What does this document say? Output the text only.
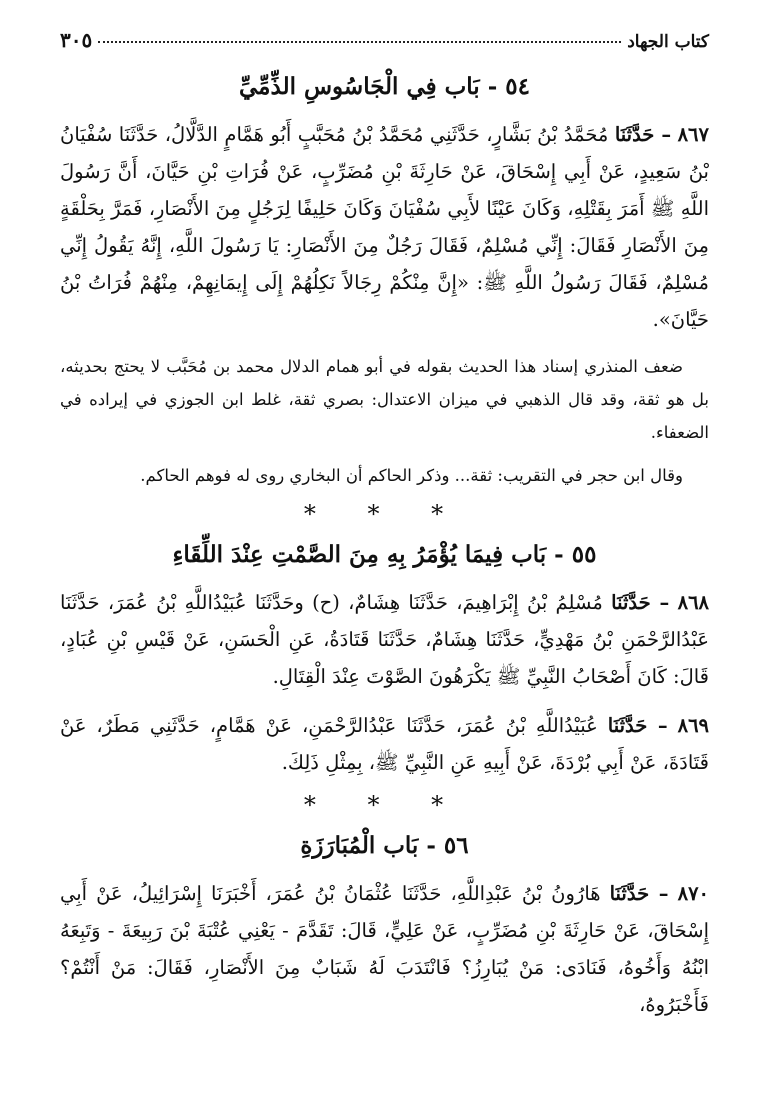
كتاب الجهاد
٣٠٥
٥٤ - بَاب فِي الْجَاسُوسِ الذِّمِّيِّ

٨٦٧ – حَدَّثَنَا مُحَمَّدُ بْنُ بَشَّارٍ، حَدَّثَنِي مُحَمَّدُ بْنُ مُحَبَّبٍ أَبُو هَمَّامٍ الدَّلَّالُ، حَدَّثَنَا سُفْيَانُ بْنُ سَعِيدٍ، عَنْ أَبِي إِسْحَاقَ، عَنْ حَارِثَةَ بْنِ مُضَرِّبٍ، عَنْ فُرَاتِ بْنِ حَيَّانَ، أَنَّ رَسُولَ اللَّهِ ﷺ أَمَرَ بِقَتْلِهِ، وَكَانَ عَيْنًا لأَبِي سُفْيَانَ وَكَانَ حَلِيفًا لِرَجُلٍ مِنَ الأَنْصَارِ، فَمَرَّ بِحَلْقَةٍ مِنَ الأَنْصَارِ فَقَالَ: إِنِّي مُسْلِمٌ، فَقَالَ رَجُلٌ مِنَ الأَنْصَارِ: يَا رَسُولَ اللَّهِ، إِنَّهُ يَقُولُ إِنِّي مُسْلِمٌ، فَقَالَ رَسُولُ اللَّهِ ﷺ: «إِنَّ مِنْكُمْ رِجَالاً نَكِلُهُمْ إِلَى إِيمَانِهِمْ، مِنْهُمْ فُرَاتُ بْنُ حَيَّانَ».

ضعف المنذري إسناد هذا الحديث بقوله في أبو همام الدلال محمد بن مُحَبَّب لا يحتج بحديثه، بل هو ثقة، وقد قال الذهبي في ميزان الاعتدال: بصري ثقة، غلط ابن الجوزي في إيراده في الضعفاء.

وقال ابن حجر في التقريب: ثقة... وذكر الحاكم أن البخاري روى له فوهم الحاكم.

* * *
٥٥ - بَاب فِيمَا يُؤْمَرُ بِهِ مِنَ الصَّمْتِ عِنْدَ اللِّقَاءِ

٨٦٨ – حَدَّثَنَا مُسْلِمُ بْنُ إِبْرَاهِيمَ، حَدَّثَنَا هِشَامٌ، (ح) وحَدَّثَنَا عُبَيْدُاللَّهِ بْنُ عُمَرَ، حَدَّثَنَا عَبْدُالرَّحْمَنِ بْنُ مَهْدِيٍّ، حَدَّثَنَا هِشَامٌ، حَدَّثَنَا قَتَادَةُ، عَنِ الْحَسَنِ، عَنْ قَيْسِ بْنِ عُبَادٍ، قَالَ: كَانَ أَصْحَابُ النَّبِيِّ ﷺ يَكْرَهُونَ الصَّوْتَ عِنْدَ الْقِتَالِ.

٨٦٩ – حَدَّثَنَا عُبَيْدُاللَّهِ بْنُ عُمَرَ، حَدَّثَنَا عَبْدُالرَّحْمَنِ، عَنْ هَمَّامٍ، حَدَّثَنِي مَطَرٌ، عَنْ قَتَادَةَ، عَنْ أَبِي بُرْدَةَ، عَنْ أَبِيهِ عَنِ النَّبِيِّ ﷺ، بِمِثْلِ ذَلِكَ.

* * *
٥٦ - بَاب الْمُبَارَزَةِ

٨٧٠ – حَدَّثَنَا هَارُونُ بْنُ عَبْدِاللَّهِ، حَدَّثَنَا عُثْمَانُ بْنُ عُمَرَ، أَخْبَرَنَا إِسْرَائِيلُ، عَنْ أَبِي إِسْحَاقَ، عَنْ حَارِثَةَ بْنِ مُضَرِّبٍ، عَنْ عَلِيٍّ، قَالَ: تَقَدَّمَ - يَعْنِي عُتْبَةَ بْنَ رَبِيعَةَ - وَتَبِعَهُ ابْنُهُ وَأَخُوهُ، فَنَادَى: مَنْ يُبَارِزُ؟ فَانْتَدَبَ لَهُ شَبَابٌ مِنَ الأَنْصَارِ، فَقَالَ: مَنْ أَنْتُمْ؟ فَأَخْبَرُوهُ،
